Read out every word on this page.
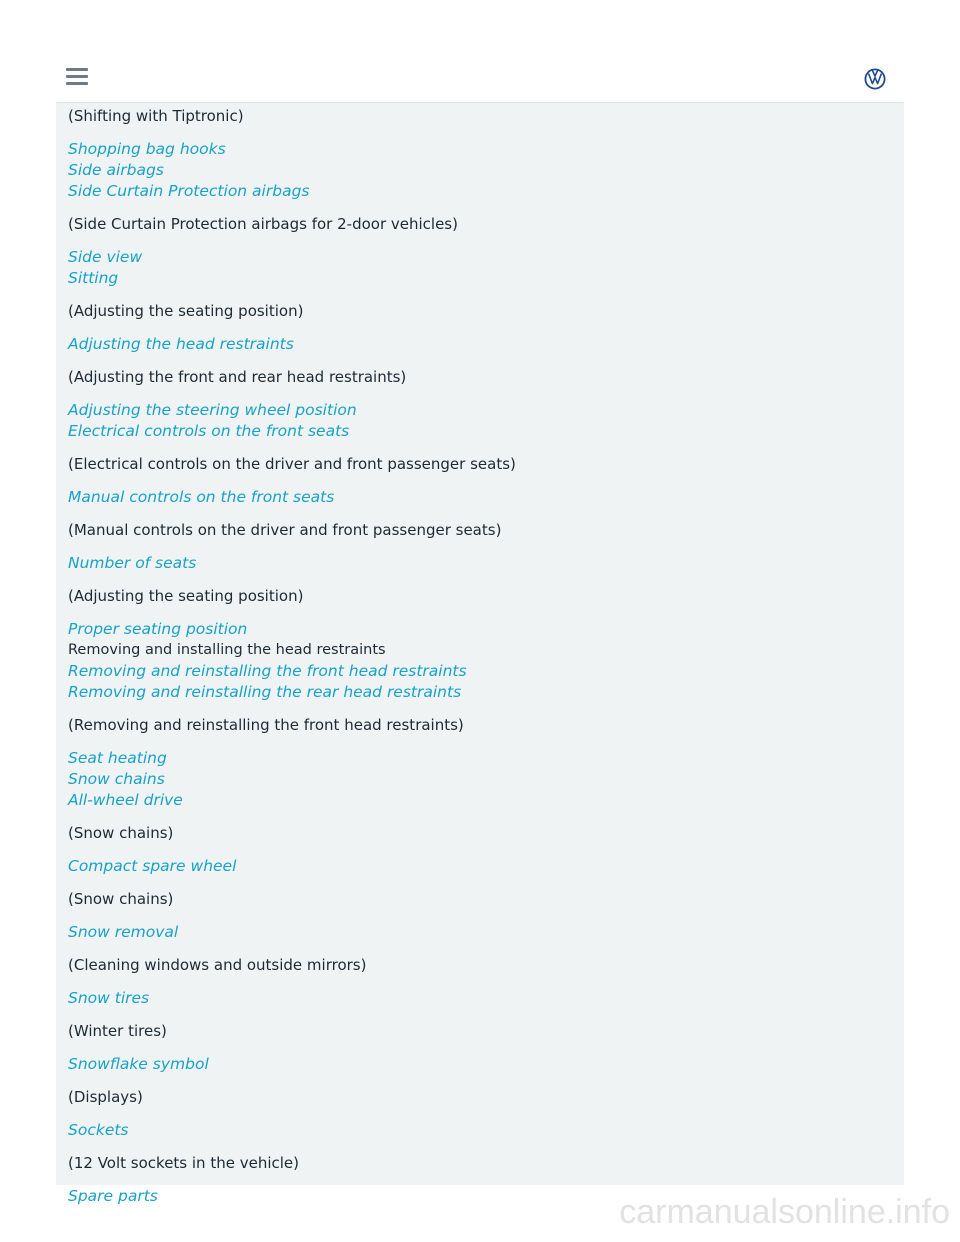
(Shifting with Tiptronic)
Shopping bag hooks
Side airbags
Side Curtain Protection airbags
(Side Curtain Protection airbags for 2-door vehicles)
Side view
Sitting
(Adjusting the seating position)
Adjusting the head restraints
(Adjusting the front and rear head restraints)
Adjusting the steering wheel position
Electrical controls on the front seats
(Electrical controls on the driver and front passenger seats)
Manual controls on the front seats
(Manual controls on the driver and front passenger seats)
Number of seats
(Adjusting the seating position)
Proper seating position
Removing and installing the head restraints
Removing and reinstalling the front head restraints
Removing and reinstalling the rear head restraints
(Removing and reinstalling the front head restraints)
Seat heating
Snow chains
All-wheel drive
(Snow chains)
Compact spare wheel
(Snow chains)
Snow removal
(Cleaning windows and outside mirrors)
Snow tires
(Winter tires)
Snowflake symbol
(Displays)
Sockets
(12 Volt sockets in the vehicle)
Spare parts	carmanualsonline.info
